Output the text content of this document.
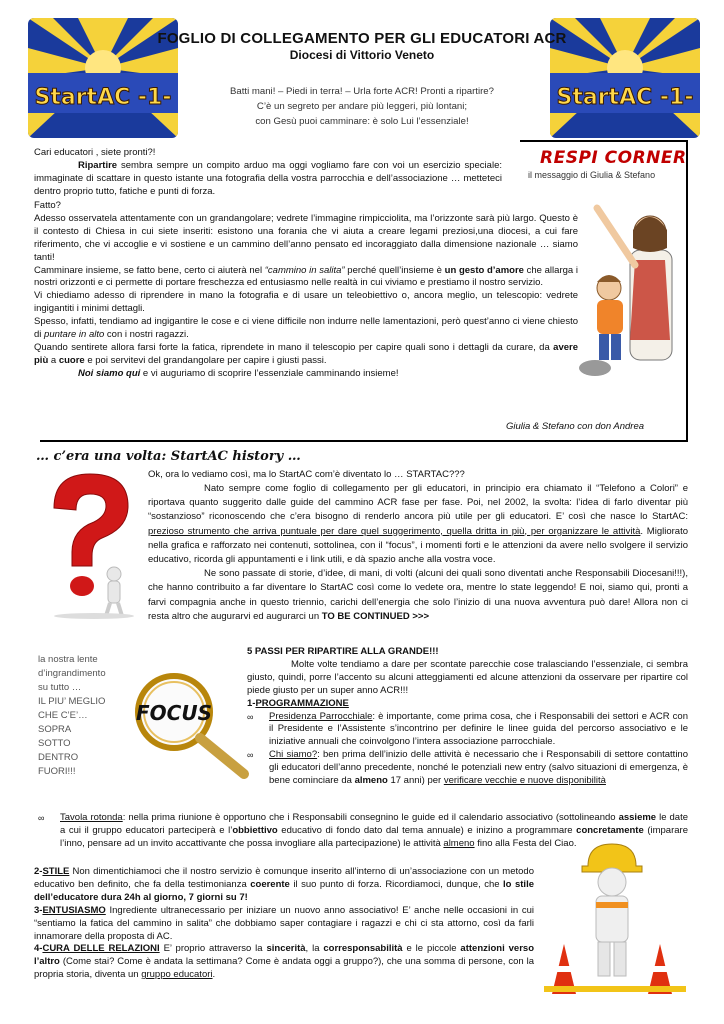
StartAC -1-	StartAC -1-
FOGLIO DI COLLEGAMENTO PER GLI EDUCATORI ACR
Diocesi di Vittorio Veneto
Batti mani! – Piedi in terra! – Urla forte ACR! Pronti a ripartire?
C’è un segreto per andare più leggeri, più lontani;
con Gesù puoi camminare: è solo Lui l’essenziale!
RESPI CORNER
il messaggio di Giulia & Stefano

Cari educatori , siete pronti?!

Ripartire sembra sempre un compito arduo ma oggi vogliamo fare con voi un esercizio speciale: immaginate di scattare in questo istante una fotografia della vostra parrocchia e dell’associazione … metteteci dentro proprio tutto, fatiche e punti di forza.

Fatto?

Adesso osservatela attentamente con un grandangolare; vedrete l’immagine rimpicciolita, ma l’orizzonte sarà più largo. Questo è il contesto di Chiesa in cui siete inseriti: esistono una forania che vi aiuta a creare legami preziosi,una diocesi, a cui fare riferimento, che vi accoglie e vi sostiene e un cammino dell’anno pensato ed incoraggiato dalla dimensione nazionale … siamo tanti!

Camminare insieme, se fatto bene, certo ci aiuterà nel “cammino in salita” perché quell’insieme è un gesto d’amore che allarga i nostri orizzonti e ci permette di portare freschezza ed entusiasmo nelle realtà in cui viviamo e prestiamo il nostro servizio.

Vi chiediamo adesso di riprendere in mano la fotografia e di usare un teleobiettivo o, ancora meglio, un telescopio: vedrete ingigantiti i minimi dettagli.

Spesso, infatti, tendiamo ad ingigantire le cose e ci viene difficile non indurre nelle lamentazioni, però quest’anno ci viene chiesto di puntare in alto con i nostri ragazzi.

Quando sentirete allora farsi forte la fatica, riprendete in mano il telescopio per capire quali sono i dettagli da curare, da avere più a cuore e poi servitevi del grandangolare per capire i giusti passi.

Noi siamo qui e vi auguriamo di scoprire l’essenziale camminando insieme!

Giulia & Stefano con don Andrea
… c’era una volta: StartAC history …

Ok, ora lo vediamo così, ma lo StartAC com’è diventato lo … STARTAC???

Nato sempre come foglio di collegamento per gli educatori, in principio era chiamato il “Telefono a Colori” e riportava quanto suggerito dalle guide del cammino ACR fase per fase. Poi, nel 2002, la svolta: l’idea di farlo diventar più “sostanzioso” riconoscendo che c’era bisogno di renderlo ancora più utile per gli educatori. E’ così che nasce lo StartAC: prezioso strumento che arriva puntuale per dare quel suggerimento, quella dritta in più, per organizzare le attività. Migliorato nella grafica e rafforzato nei contenuti, sottolinea, con il “focus”, i momenti forti e le attenzioni da avere nello svolgere il servizio educativo, ricorda gli appuntamenti e i link utili, e dà spazio anche alla vostra voce.

Ne sono passate di storie, d’idee, di mani, di volti (alcuni dei quali sono diventati anche Responsabili Diocesani!!!), che hanno contribuito a far diventare lo StartAC così come lo vedete ora, mentre lo state leggendo! E noi, siamo qui, pronti a farvi compagnia anche in questo triennio, carichi dell’energia che solo l’inizio di una nuova avventura può dare! Allora non ci resta altro che augurarvi ed augurarci un TO BE CONTINUED >>>

la nostra lente
d’ingrandimento
su tutto …
IL PIU’ MEGLIO
CHE C’E’…
SOPRA
SOTTO
DENTRO
FUORI!!!
FOCUS

5 PASSI PER RIPARTIRE ALLA GRANDE!!!

Molte volte tendiamo a dare per scontate parecchie cose tralasciando l’essenziale, ci sembra giusto, quindi, porre l’accento su alcuni atteggiamenti ed alcune attenzioni da osservare per ripartire col piede giusto per un super anno ACR!!!

1-PROGRAMMAZIONE

∞ Presidenza Parrocchiale: è importante, come prima cosa, che i Responsabili dei settori e ACR con il Presidente e l’Assistente s’incontrino per definire le linee guida del percorso associativo e le iniziative annuali che coinvolgono l’intera associazione parrocchiale.
∞ Chi siamo?: ben prima dell’inizio delle attività è necessario che i Responsabili di settore contattino gli educatori dell’anno precedente, nonché le potenziali new entry (salvo situazioni di emergenza, è bene cominciare da almeno 17 anni) per verificare vecchie e nuove disponibilità
∞ Tavola rotonda: nella prima riunione è opportuno che i Responsabili consegnino le guide ed il calendario associativo (sottolineando assieme le date a cui il gruppo educatori parteciperà e l’obbiettivo educativo di fondo dato dal tema annuale) e inizino a programmare concretamente (imparare l’inno, pensare ad un invito accattivante che possa invogliare alla partecipazione) le attività almeno fino alla Festa del Ciao.

2-STILE Non dimentichiamoci che il nostro servizio è comunque inserito all’interno di un’associazione con un metodo educativo ben definito, che fa della testimonianza coerente il suo punto di forza. Ricordiamoci, dunque, che lo stile dell’educatore dura 24h al giorno, 7 giorni su 7!

3-ENTUSIASMO Ingrediente ultranecessario per iniziare un nuovo anno associativo! E’ anche nelle occasioni in cui “sentiamo la fatica del cammino in salita” che dobbiamo saper contagiare i ragazzi e chi ci sta attorno, così da farli innamorare della proposta di AC.

4-CURA DELLE RELAZIONI E’ proprio attraverso la sincerità, la corresponsabilità e le piccole attenzioni verso l’altro (Come stai? Come è andata la settimana? Come è andata oggi a gruppo?), che una somma di persone, con la propria storia, diventa un gruppo educatori.
